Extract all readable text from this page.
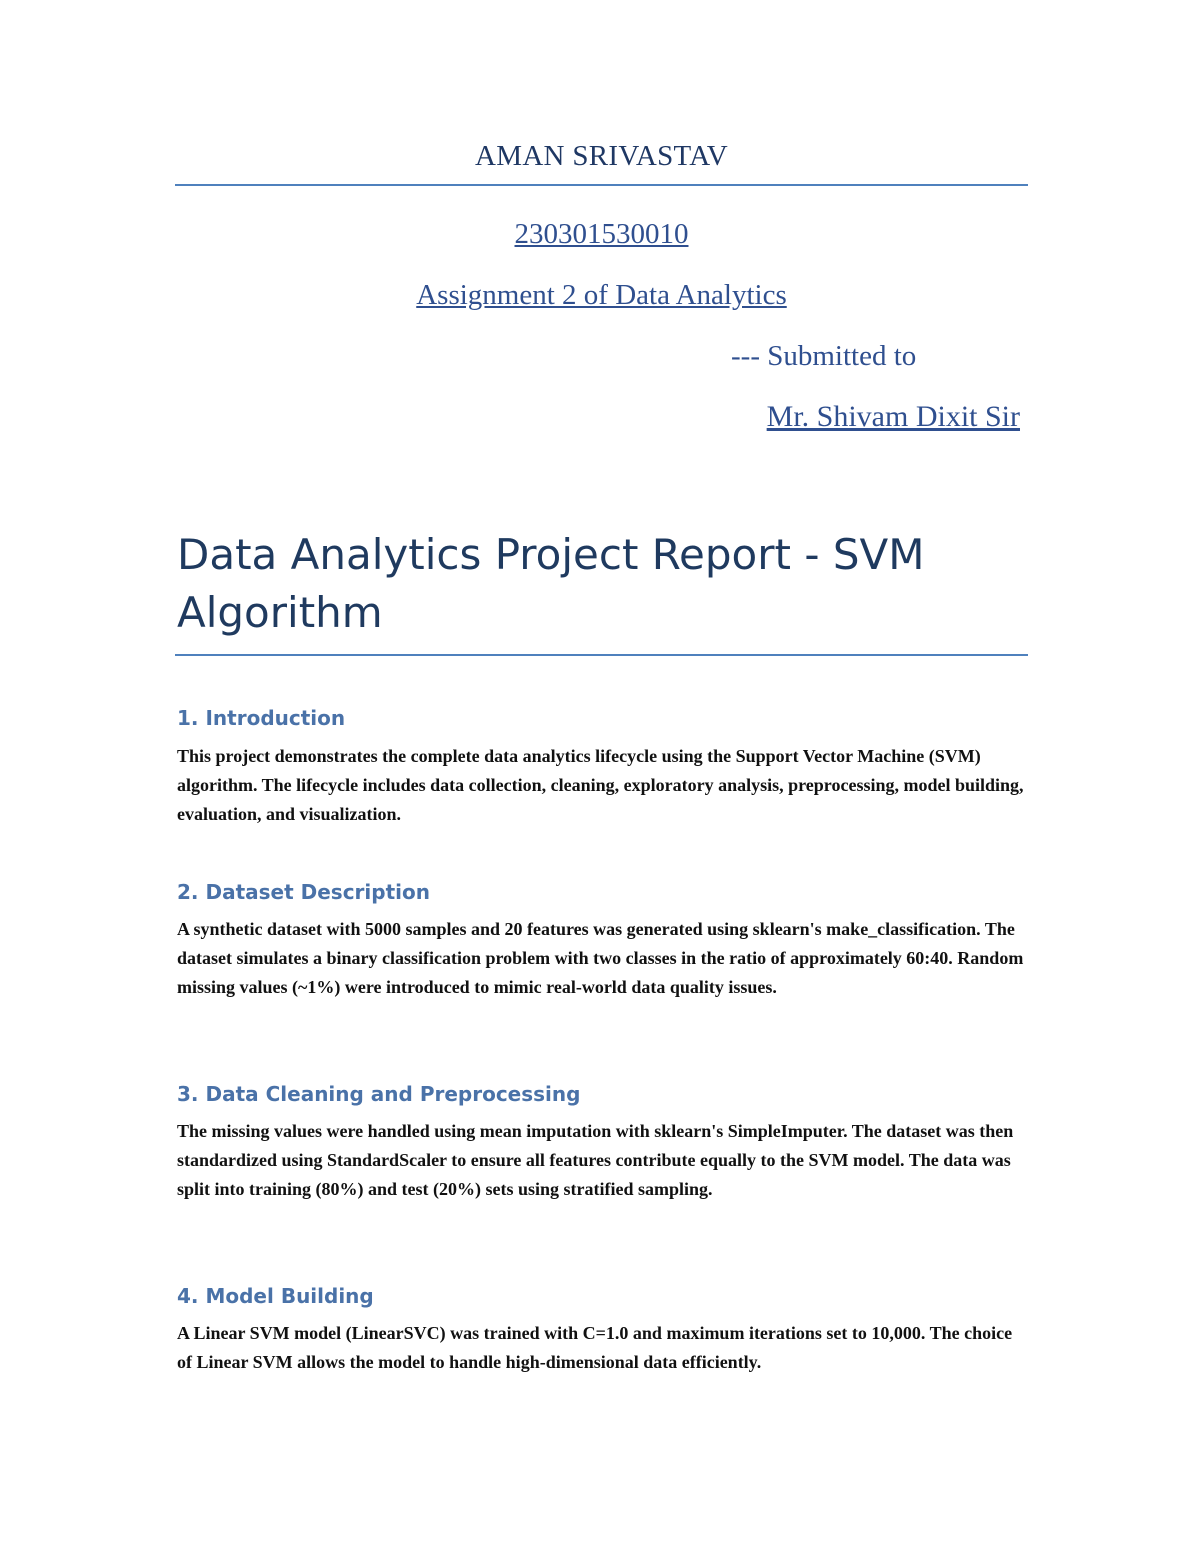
AMAN SRIVASTAV
230301530010
Assignment 2 of Data Analytics
--- Submitted to
Mr. Shivam Dixit Sir
Data Analytics Project Report - SVM Algorithm
1. Introduction

This project demonstrates the complete data analytics lifecycle using the Support Vector Machine (SVM) algorithm. The lifecycle includes data collection, cleaning, exploratory analysis, preprocessing, model building, evaluation, and visualization.

2. Dataset Description

A synthetic dataset with 5000 samples and 20 features was generated using sklearn's make_classification. The dataset simulates a binary classification problem with two classes in the ratio of approximately 60:40. Random missing values (~1%) were introduced to mimic real-world data quality issues.

3. Data Cleaning and Preprocessing

The missing values were handled using mean imputation with sklearn's SimpleImputer. The dataset was then standardized using StandardScaler to ensure all features contribute equally to the SVM model. The data was split into training (80%) and test (20%) sets using stratified sampling.

4. Model Building

A Linear SVM model (LinearSVC) was trained with C=1.0 and maximum iterations set to 10,000. The choice of Linear SVM allows the model to handle high-dimensional data efficiently.
